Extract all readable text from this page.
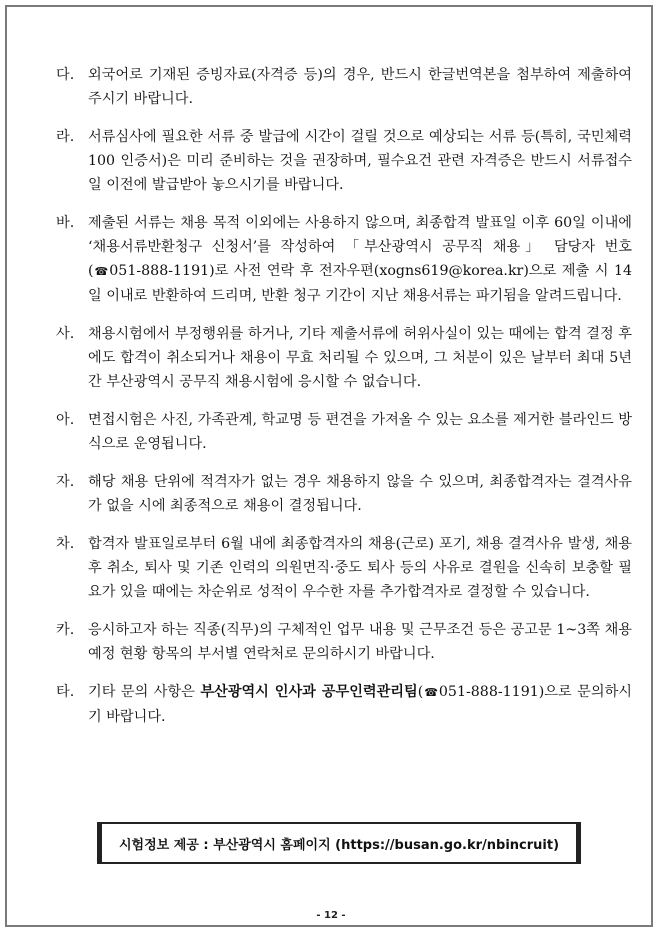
다. 외국어로 기재된 증빙자료(자격증 등)의 경우, 반드시 한글번역본을 첨부하여 제출하여 주시기 바랍니다.
라. 서류심사에 필요한 서류 중 발급에 시간이 걸릴 것으로 예상되는 서류 등(특히, 국민체력100 인증서)은 미리 준비하는 것을 권장하며, 필수요건 관련 자격증은 반드시 서류접수일 이전에 발급받아 놓으시기를 바랍니다.
바. 제출된 서류는 채용 목적 이외에는 사용하지 않으며, 최종합격 발표일 이후 60일 이내에 ‘채용서류반환청구 신청서’를 작성하여 「부산광역시 공무직 채용」 담당자 번호(☎051-888-1191)로 사전 연락 후 전자우편(xogns619@korea.kr)으로 제출 시 14일 이내로 반환하여 드리며, 반환 청구 기간이 지난 채용서류는 파기됨을 알려드립니다.
사. 채용시험에서 부정행위를 하거나, 기타 제출서류에 허위사실이 있는 때에는 합격 결정 후에도 합격이 취소되거나 채용이 무효 처리될 수 있으며, 그 처분이 있은 날부터 최대 5년간 부산광역시 공무직 채용시험에 응시할 수 없습니다.
아. 면접시험은 사진, 가족관계, 학교명 등 편견을 가져올 수 있는 요소를 제거한 블라인드 방식으로 운영됩니다.
자. 해당 채용 단위에 적격자가 없는 경우 채용하지 않을 수 있으며, 최종합격자는 결격사유가 없을 시에 최종적으로 채용이 결정됩니다.
차. 합격자 발표일로부터 6월 내에 최종합격자의 채용(근로) 포기, 채용 결격사유 발생, 채용 후 취소, 퇴사 및 기존 인력의 의원면직·중도 퇴사 등의 사유로 결원을 신속히 보충할 필요가 있을 때에는 차순위로 성적이 우수한 자를 추가합격자로 결정할 수 있습니다.
카. 응시하고자 하는 직종(직무)의 구체적인 업무 내용 및 근무조건 등은 공고문 1~3쪽 채용예정 현황 항목의 부서별 연락처로 문의하시기 바랍니다.
타. 기타 문의 사항은 부산광역시 인사과 공무인력관리팀(☎051-888-1191)으로 문의하시기 바랍니다.
시험정보 제공 : 부산광역시 홈페이지 (https://busan.go.kr/nbincruit)
- 12 -
